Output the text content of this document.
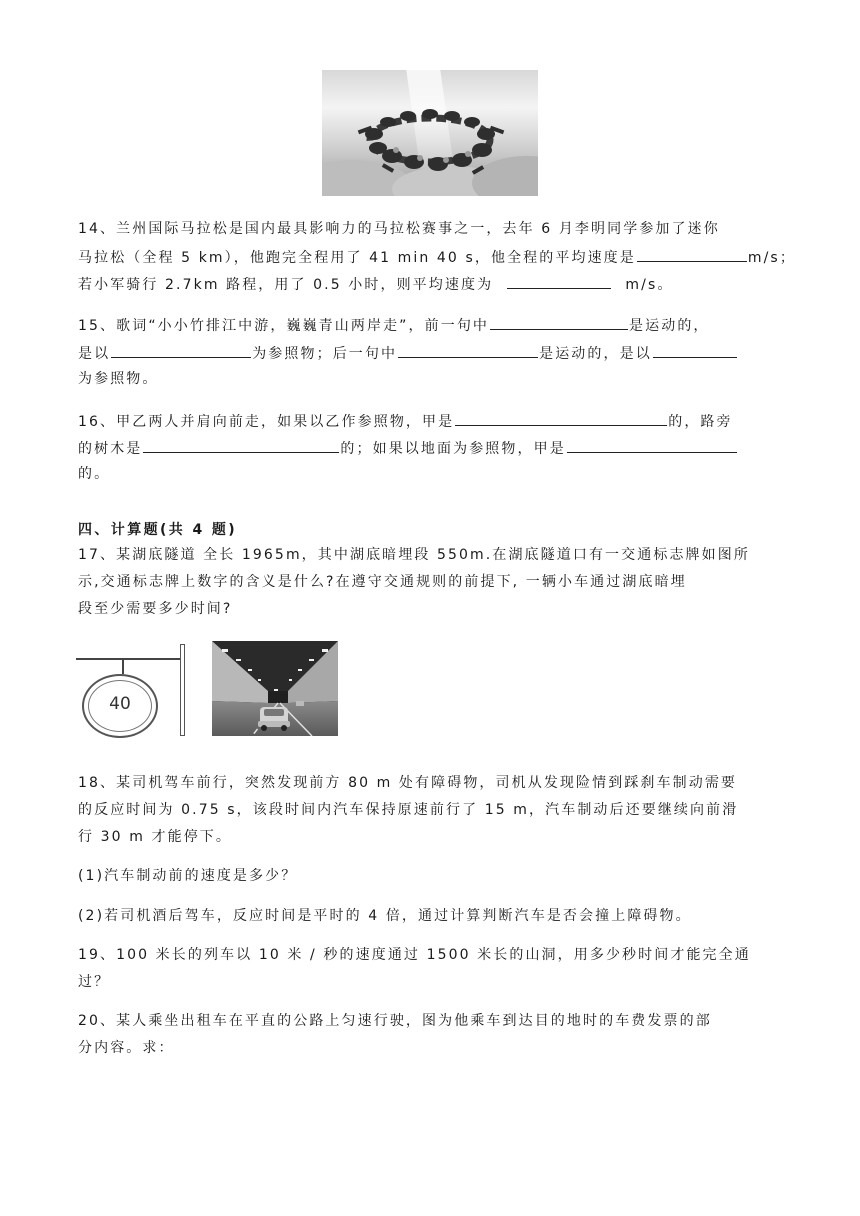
14、兰州国际马拉松是国内最具影响力的马拉松赛事之一，去年 6 月李明同学参加了迷你
马拉松（全程 5 km），他跑完全程用了 41 min 40 s，他全程的平均速度是	m/s；
若小军骑行 2.7km 路程，用了 0.5 小时，则平均速度为	m/s。
15、歌词“小小竹排江中游，巍巍青山两岸走”，前一句中	是运动的，
是以	为参照物；后一句中	是运动的，是以
为参照物。
16、甲乙两人并肩向前走，如果以乙作参照物，甲是	的，路旁
的树木是	的；如果以地面为参照物，甲是
的。
四、计算题(共 4 题)
17、某湖底隧道 全长 1965m，其中湖底暗埋段 550m.在湖底隧道口有一交通标志牌如图所
示,交通标志牌上数字的含义是什么?在遵守交通规则的前提下, 一辆小车通过湖底暗埋
段至少需要多少时间?
40
18、某司机驾车前行，突然发现前方 80 m 处有障碍物，司机从发现险情到踩刹车制动需要
的反应时间为 0.75 s，该段时间内汽车保持原速前行了 15 m，汽车制动后还要继续向前滑
行 30 m 才能停下。
(1)汽车制动前的速度是多少？
(2)若司机酒后驾车，反应时间是平时的 4 倍，通过计算判断汽车是否会撞上障碍物。
19、100 米长的列车以 10 米 / 秒的速度通过 1500 米长的山洞，用多少秒时间才能完全通
过？
20、某人乘坐出租车在平直的公路上匀速行驶，图为他乘车到达目的地时的车费发票的部
分内容。求：
